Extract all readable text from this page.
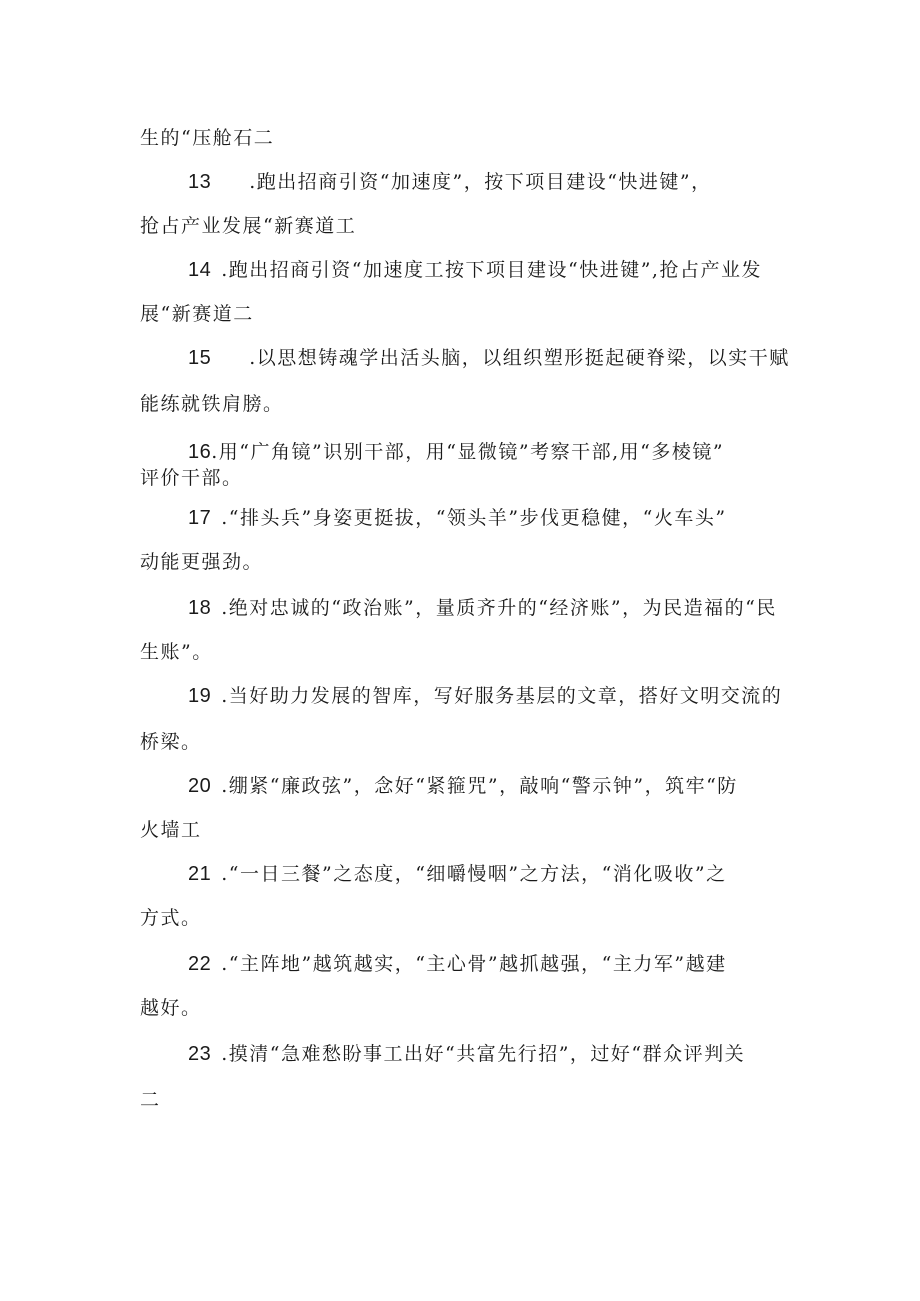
生的“压舱石二
13 .跑出招商引资“加速度”，按下项目建设“快进键”，
抢占产业发展“新赛道工
14 .跑出招商引资“加速度工按下项目建设“快进键”,抢占产业发
展“新赛道二
15 .以思想铸魂学出活头脑，以组织塑形挺起硬脊梁，以实干赋
能练就铁肩膀。
16.用“广角镜”识别干部，用“显微镜”考察干部,用“多棱镜”
评价干部。
17 .“排头兵”身姿更挺拔，“领头羊”步伐更稳健，“火车头”
动能更强劲。
18 .绝对忠诚的“政治账”，量质齐升的“经济账”，为民造福的“民
生账”。
19 .当好助力发展的智库，写好服务基层的文章，搭好文明交流的
桥梁。
20 .绷紧“廉政弦”，念好“紧箍咒”，敲响“警示钟”，筑牢“防
火墙工
21 .“一日三餐”之态度，“细嚼慢咽”之方法，“消化吸收”之
方式。
22 .“主阵地”越筑越实，“主心骨”越抓越强，“主力军”越建
越好。
23 .摸清“急难愁盼事工出好“共富先行招”，过好“群众评判关
二
